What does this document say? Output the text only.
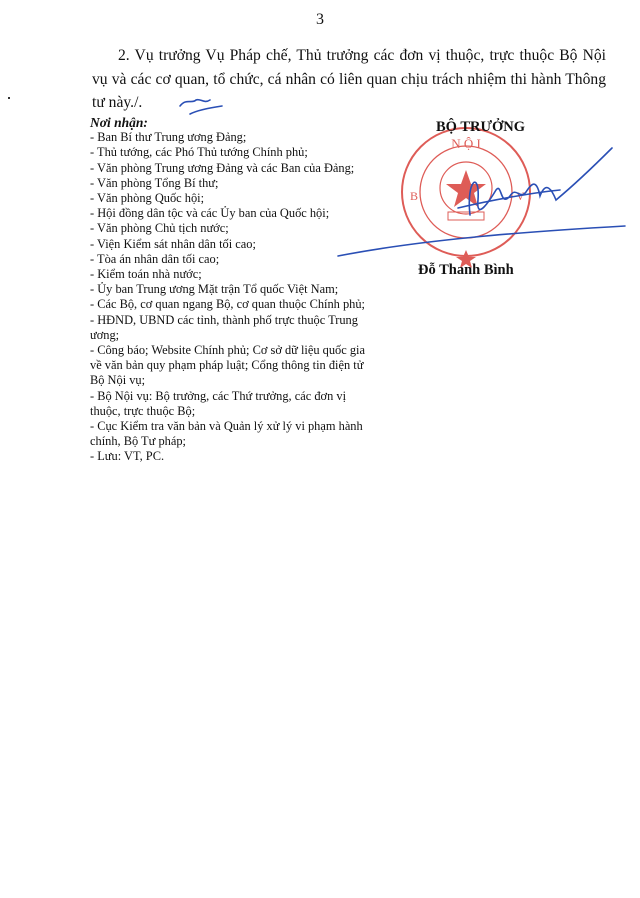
3
2. Vụ trưởng Vụ Pháp chế, Thủ trưởng các đơn vị thuộc, trực thuộc Bộ Nội vụ và các cơ quan, tổ chức, cá nhân có liên quan chịu trách nhiệm thi hành Thông tư này./.
Nơi nhận:
- Ban Bí thư Trung ương Đảng;
- Thủ tướng, các Phó Thủ tướng Chính phủ;
- Văn phòng Trung ương Đảng và các Ban của Đảng;
- Văn phòng Tổng Bí thư;
- Văn phòng Quốc hội;
- Hội đồng dân tộc và các Ủy ban của Quốc hội;
- Văn phòng Chủ tịch nước;
- Viện Kiểm sát nhân dân tối cao;
- Tòa án nhân dân tối cao;
- Kiểm toán nhà nước;
- Ủy ban Trung ương Mặt trận Tổ quốc Việt Nam;
- Các Bộ, cơ quan ngang Bộ, cơ quan thuộc Chính phủ;
- HĐND, UBND các tỉnh, thành phố trực thuộc Trung ương;
- Công báo; Website Chính phủ; Cơ sở dữ liệu quốc gia về văn bản quy phạm pháp luật; Cổng thông tin điện tử Bộ Nội vụ;
- Bộ Nội vụ: Bộ trưởng, các Thứ trưởng, các đơn vị thuộc, trực thuộc Bộ;
- Cục Kiểm tra văn bản và Quản lý xử lý vi phạm hành chính, Bộ Tư pháp;
- Lưu: VT, PC.
N Ộ I
B	V
BỘ TRƯỞNG
Đỗ Thanh Bình
